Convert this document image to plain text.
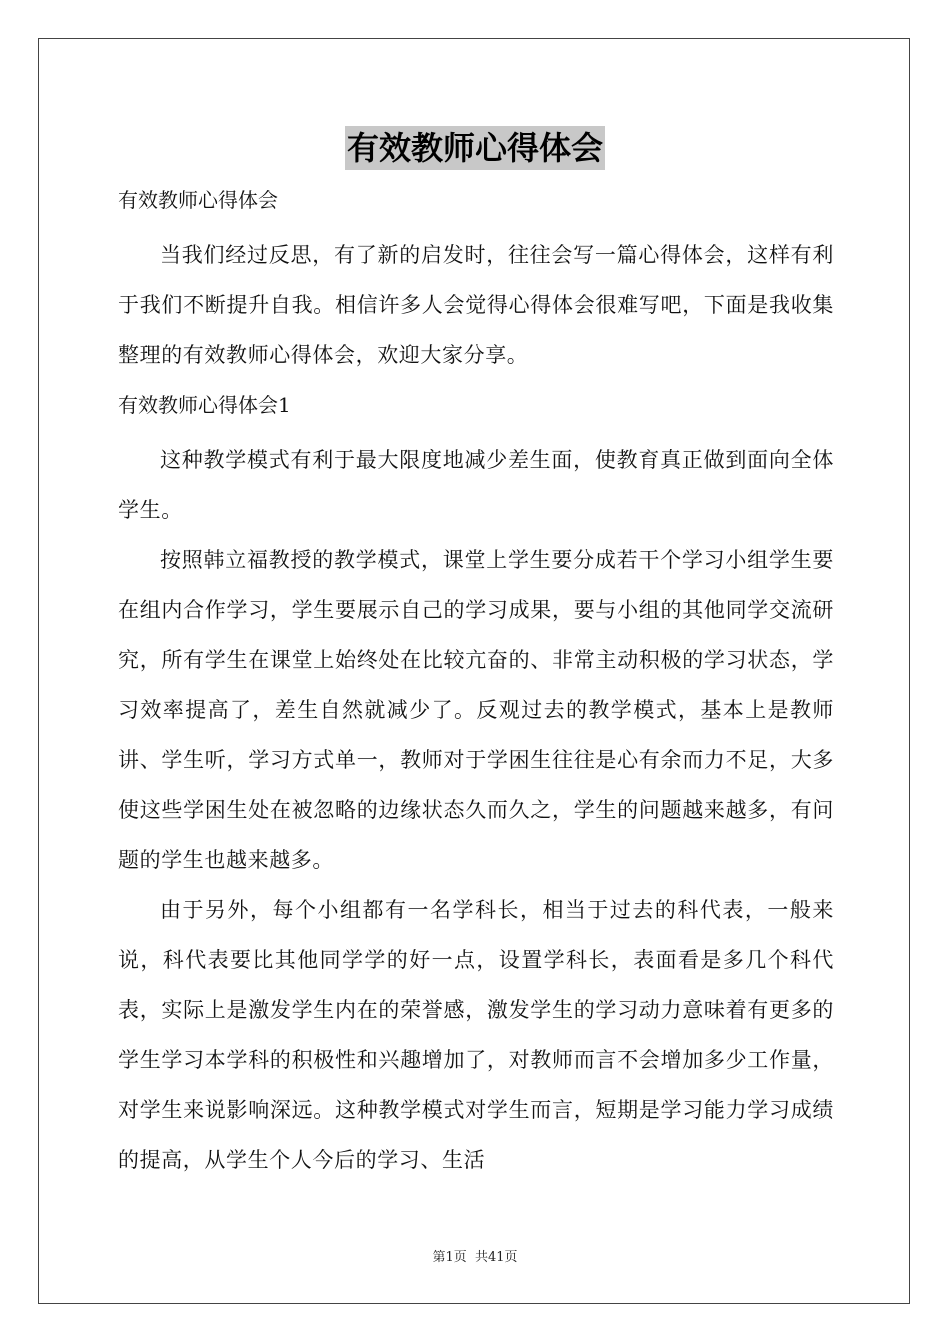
有效教师心得体会
有效教师心得体会

当我们经过反思，有了新的启发时，往往会写一篇心得体会，这样有利于我们不断提升自我。相信许多人会觉得心得体会很难写吧，下面是我收集整理的有效教师心得体会，欢迎大家分享。

有效教师心得体会1

这种教学模式有利于最大限度地减少差生面，使教育真正做到面向全体学生。

按照韩立福教授的教学模式，课堂上学生要分成若干个学习小组学生要在组内合作学习，学生要展示自己的学习成果，要与小组的其他同学交流研究，所有学生在课堂上始终处在比较亢奋的、非常主动积极的学习状态，学习效率提高了，差生自然就减少了。反观过去的教学模式，基本上是教师讲、学生听，学习方式单一，教师对于学困生往往是心有余而力不足，大多使这些学困生处在被忽略的边缘状态久而久之，学生的问题越来越多，有问题的学生也越来越多。

由于另外，每个小组都有一名学科长，相当于过去的科代表，一般来说，科代表要比其他同学学的好一点，设置学科长，表面看是多几个科代表，实际上是激发学生内在的荣誉感，激发学生的学习动力意味着有更多的学生学习本学科的积极性和兴趣增加了，对教师而言不会增加多少工作量，对学生来说影响深远。这种教学模式对学生而言，短期是学习能力学习成绩的提高，从学生个人今后的学习、生活

第1页 共41页
